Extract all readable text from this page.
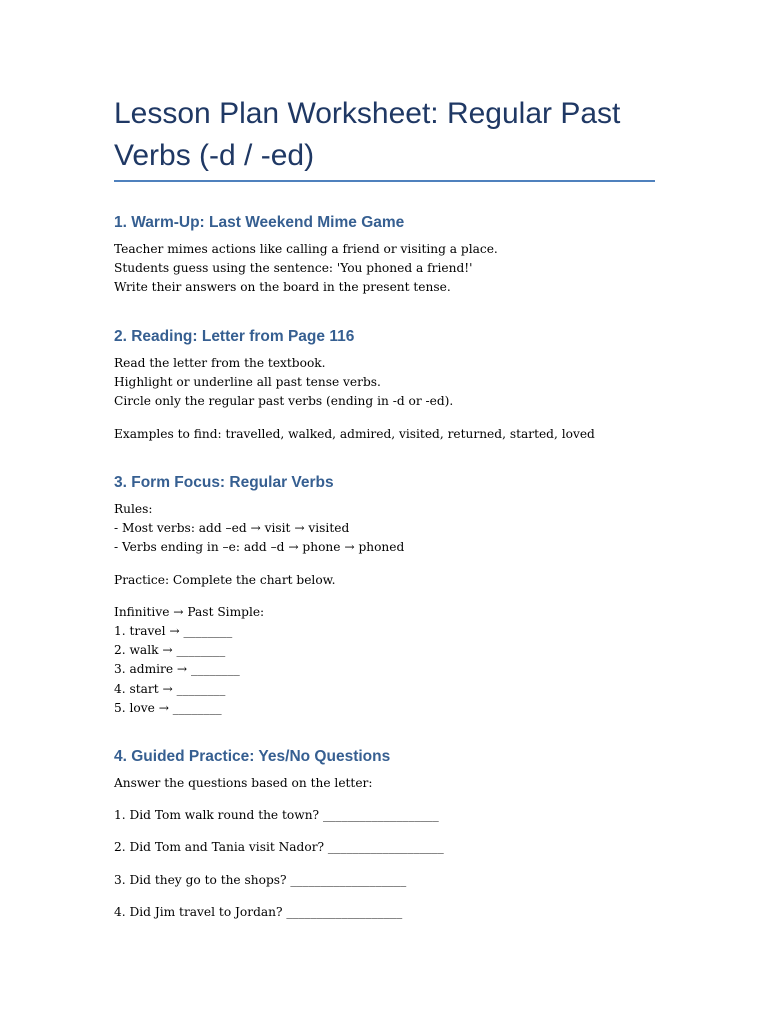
Lesson Plan Worksheet: Regular Past Verbs (-d / -ed)
1. Warm-Up: Last Weekend Mime Game

Teacher mimes actions like calling a friend or visiting a place.

Students guess using the sentence: 'You phoned a friend!'

Write their answers on the board in the present tense.

2. Reading: Letter from Page 116

Read the letter from the textbook.

Highlight or underline all past tense verbs.

Circle only the regular past verbs (ending in -d or -ed).

Examples to find: travelled, walked, admired, visited, returned, started, loved

3. Form Focus: Regular Verbs

Rules:

- Most verbs: add –ed → visit → visited

- Verbs ending in –e: add –d → phone → phoned

Practice: Complete the chart below.

Infinitive → Past Simple:

1. travel → ________

2. walk → ________

3. admire → ________

4. start → ________

5. love → ________

4. Guided Practice: Yes/No Questions

Answer the questions based on the letter:

1. Did Tom walk round the town? ___________________

2. Did Tom and Tania visit Nador? ___________________

3. Did they go to the shops? ___________________

4. Did Jim travel to Jordan? ___________________
